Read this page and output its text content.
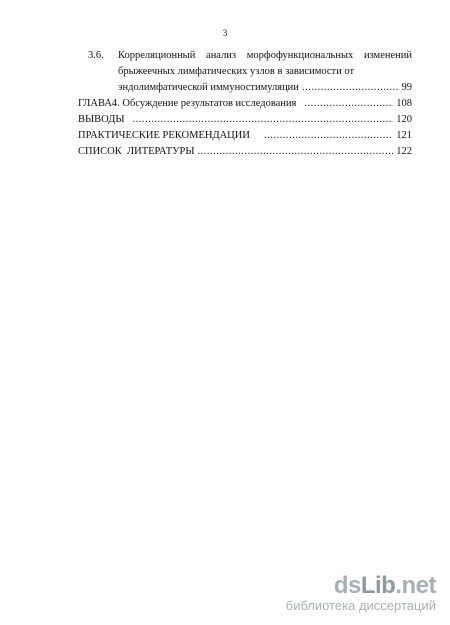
3
3.6. Корреляционный анализ морфофункциональных изменений
брыжеечных лимфатических узлов в зависимости от
эндолимфатической иммуностимуляции .....	99
ГЛАВА 4. Обсуждение результатов исследования .....	108
ВЫВОДЫ .....	120
ПРАКТИЧЕСКИЕ РЕКОМЕНДАЦИИ .....	121
СПИСОК  ЛИТЕРАТУРЫ .....	122
dsLib.net
библиотека диссертаций
